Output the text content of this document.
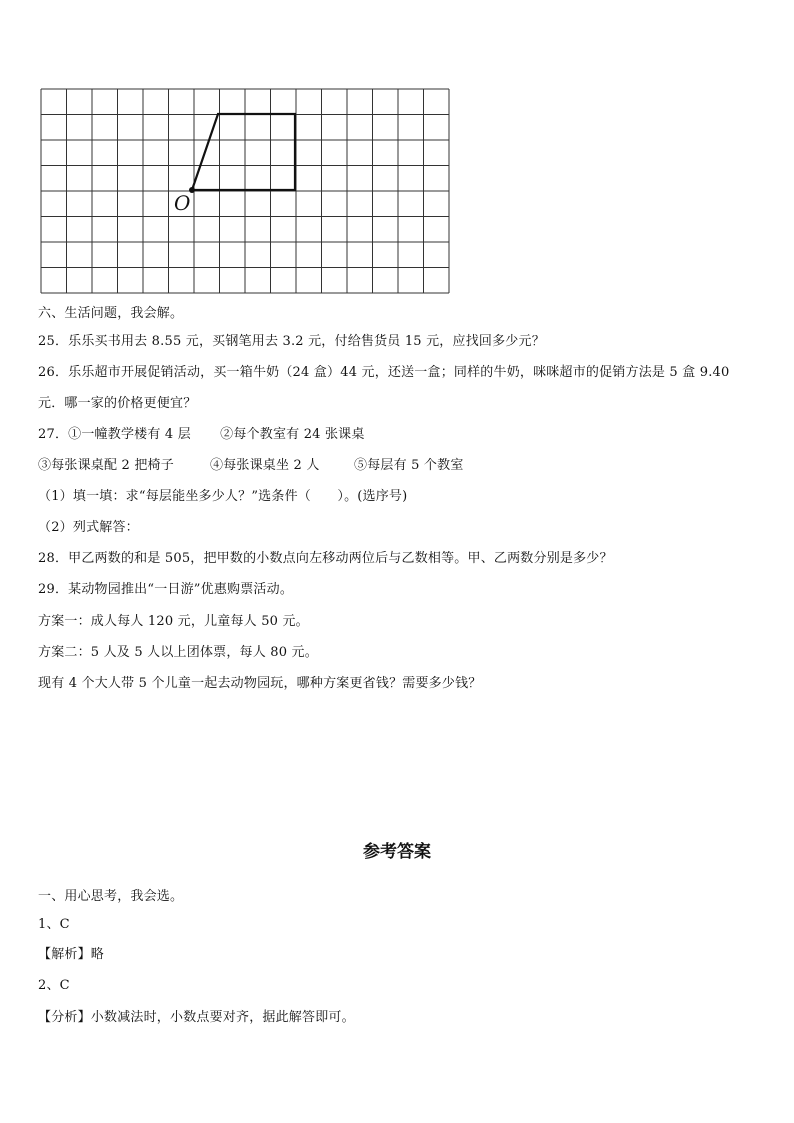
O
六、生活问题，我会解。
25．乐乐买书用去 8.55 元，买钢笔用去 3.2 元，付给售货员 15 元，应找回多少元？
26．乐乐超市开展促销活动，买一箱牛奶（24 盒）44 元，还送一盒；同样的牛奶，咪咪超市的促销方法是 5 盒 9.40
元．哪一家的价格更便宜？
27．①一幢教学楼有 4 层 ②每个教室有 24 张课桌
③每张课桌配 2 把椅子	④每张课桌坐 2 人	⑤每层有 5 个教室
（1）填一填：求“每层能坐多少人？”选条件（　　）。(选序号)
（2）列式解答：
28．甲乙两数的和是 505，把甲数的小数点向左移动两位后与乙数相等。甲、乙两数分别是多少？
29．某动物园推出“一日游”优惠购票活动。
方案一：成人每人 120 元，儿童每人 50 元。
方案二：5 人及 5 人以上团体票，每人 80 元。
现有 4 个大人带 5 个儿童一起去动物园玩，哪种方案更省钱？需要多少钱？
参考答案
一、用心思考，我会选。
1、C
【解析】略
2、C
【分析】小数减法时，小数点要对齐，据此解答即可。
